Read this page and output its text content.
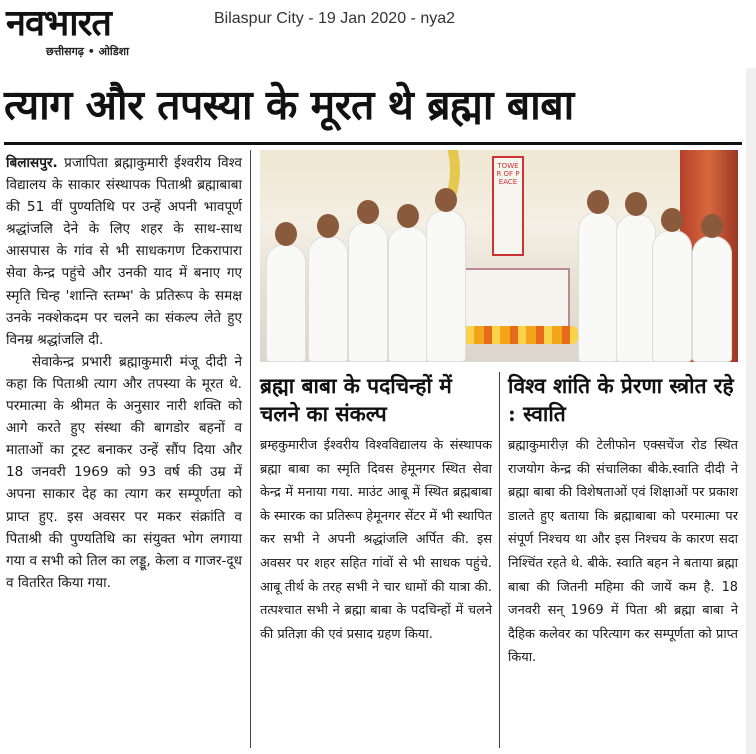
नवभारत
छत्तीसगढ़ • ओडिशा
Bilaspur City - 19 Jan 2020 - nya2
त्याग और तपस्या के मूरत थे ब्रह्मा बाबा

बिलासपुर. प्रजापिता ब्रह्माकुमारी ईश्वरीय विश्व विद्यालय के साकार संस्थापक पिताश्री ब्रह्माबाबा की 51 वीं पुण्यतिथि पर उन्हें अपनी भावपूर्ण श्रद्धांजलि देने के लिए शहर के साथ-साथ आसपास के गांव से भी साधकगण टिकरापारा सेवा केन्द्र पहुंचे और उनकी याद में बनाए गए स्मृति चिन्ह 'शान्ति स्तम्भ' के प्रतिरूप के समक्ष उनके नक्शेकदम पर चलने का संकल्प लेते हुए विनम्र श्रद्धांजलि दी.

सेवाकेन्द्र प्रभारी ब्रह्माकुमारी मंजू दीदी ने कहा कि पिताश्री त्याग और तपस्या के मूरत थे. परमात्मा के श्रीमत के अनुसार नारी शक्ति को आगे करते हुए संस्था की बागडोर बहनों व माताओं का ट्रस्ट बनाकर उन्हें सौंप दिया और 18 जनवरी 1969 को 93 वर्ष की उम्र में अपना साकार देह का त्याग कर सम्पूर्णता को प्राप्त हुए. इस अवसर पर मकर संक्रांति व पिताश्री की पुण्यतिथि का संयुक्त भोग लगाया गया व सभी को तिल का लड्डू, केला व गाजर-दूध व वितरित किया गया.

TOWER OF PEACE
ब्रह्मा बाबा के पदचिन्हों में चलने का संकल्प

ब्रम्हकुमारीज ईश्वरीय विश्वविद्यालय के संस्थापक ब्रह्मा बाबा का स्मृति दिवस हेमूनगर स्थित सेवा केन्द्र में मनाया गया. माउंट आबू में स्थित ब्रह्मबाबा के स्मारक का प्रतिरूप हेमूनगर सेंटर में भी स्थापित कर सभी ने अपनी श्रद्धांजलि अर्पित की. इस अवसर पर शहर सहित गांवों से भी साधक पहुंचे. आबू तीर्थ के तरह सभी ने चार धामों की यात्रा की. तत्पश्चात सभी ने ब्रह्मा बाबा के पदचिन्हों में चलने की प्रतिज्ञा की एवं प्रसाद ग्रहण किया.

विश्व शांति के प्रेरणा स्त्रोत रहे : स्वाति

ब्रह्माकुमारीज़ की टेलीफोन एक्सचेंज रोड स्थित राजयोग केन्द्र की संचालिका बीके.स्वाति दीदी ने ब्रह्मा बाबा की विशेषताओं एवं शिक्षाओं पर प्रकाश डालते हुए बताया कि ब्रह्माबाबा को परमात्मा पर संपूर्ण निश्चय था और इस निश्चय के कारण सदा निश्चिंत रहते थे. बीके. स्वाति बहन ने बताया ब्रह्मा बाबा की जितनी महिमा की जायें कम है. 18 जनवरी सन् 1969 में पिता श्री ब्रह्मा बाबा ने दैहिक कलेवर का परित्याग कर सम्पूर्णता को प्राप्त किया.
